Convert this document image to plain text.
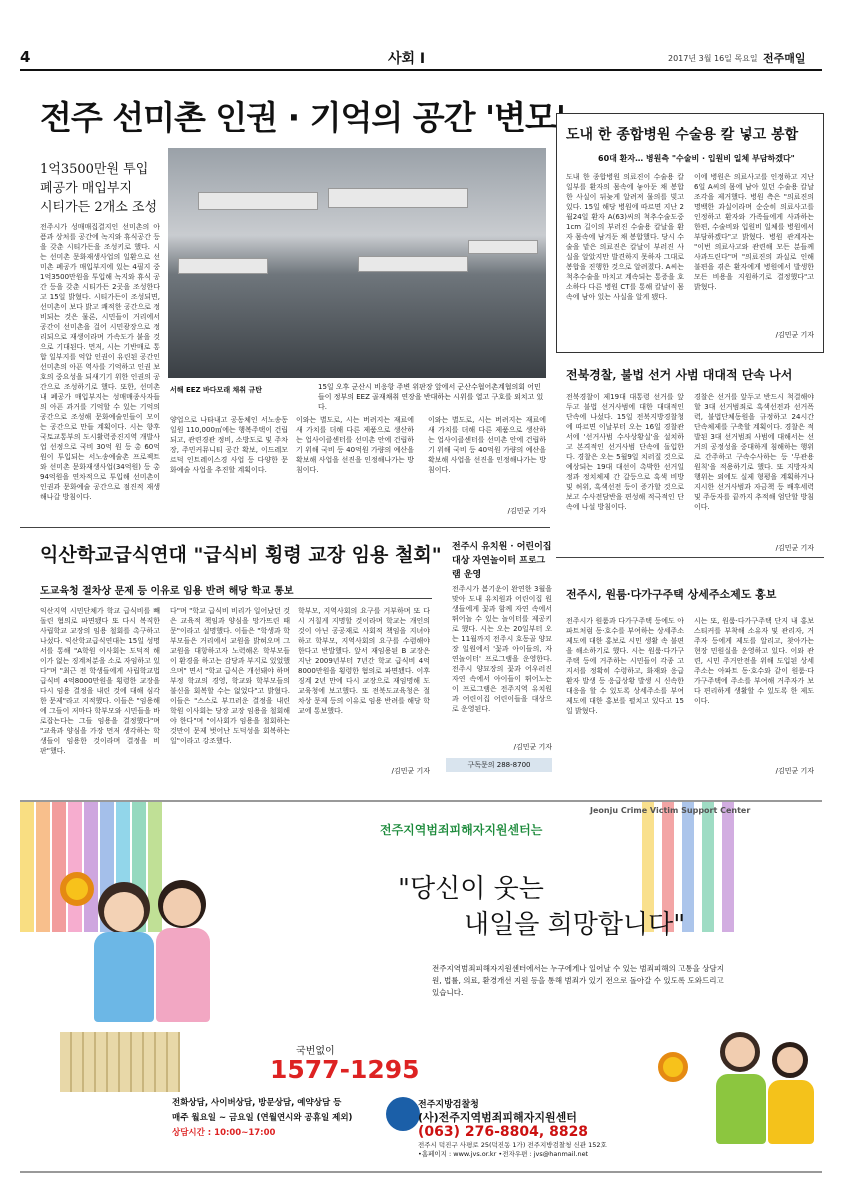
4	사회 I	2017년 3월 16일 목요일 전주매일
전주 선미촌 인권 · 기억의 공간 '변모'
1억3500만원 투입
폐공가 매입부지
시티가든 2개소 조성
전주시가 성매매집결지인 선미촌의 아픔과 상처를 공간에 녹지와 휴식공간 등을 갖춘 시티가든을 조성키로 했다. 시는 선미촌 문화재생사업의 일환으로 선미촌 폐공가 매입부지에 있는 4필지 중 1억3500만원을 투입해 녹지와 휴식 공간 등을 갖춘 시티가든 2곳을 조성한다고 15일 밝혔다. 시티가든이 조성되면, 선미촌이 보다 밝고 쾌적한 공간으로 정비되는 것은 물론, 시민들이 거리에서 공간이 선미촌을 걸어 시민광장으로 정리되으로 재생이라며 가속도가 붙을 것으로 기대된다. 먼저, 시는 기반매로 통합 일부지를 억압 인권이 유린된 공간인 선미촌의 아픈 역사를 기억하고 인권 보호의 중요성을 되새기기 위한 인권의 공간으로 조성하기로 했다. 또한, 선미촌 내 폐공가 매입부지는 성매매종사자들의 아픈 과거를 기억할 수 있는 기억의 공간으로 조성해 문화예술인들이 모이는 공간으로 만들 계획이다. 시는 향후 국토교통부의 도시활력증진지역 개발사업 선정으로 국비 30억 원 등 총 60억원이 투입되는 서노송예술촌 프로젝트와 선미촌 문화재생사업(34억원) 등 총 94억원을 연차적으로 투입해 선미촌이 인권과 문화예술 공간으로 점진적 재생해나갈 방침이다.
서해 EEZ 바다모래 채취 규탄	15일 오후 군산시 비응항 주변 위판장 앞에서 군산수협어촌계협의회 어민들이 정부의 EEZ 골재채취 연장을 반대하는 시위를 열고 구호를 외치고 있다.
양업으로 나타내고 공동체인 서노송동 일원 110,000㎡에는 행복주택이 건립되고, 관련경관 정비, 소방도로 및 주차장, 주민커뮤니티 공간 확보, 이드레모르덕 인트레이스경 사업 등 다양한 문화예술 사업을 추진할 계획이다.
이와는 별도로, 시는 버려지는 재료에 새 가치를 더해 다른 제품으로 생산하는 업사이클센터를 선미촌 안에 건립하기 위해 국비 등 40억원 가량의 예산을 확보해 사업을 선진을 인정해나가는 방침이다.
이와는 별도로, 시는 버려지는 재료에 새 가치를 더해 다른 제품으로 생산하는 업사이클센터를 선미촌 안에 건립하기 위해 국비 등 40억원 가량의 예산을 확보해 사업을 선진을 인정해나가는 방침이다.
/김민균 기자
도내 한 종합병원 수술용 칼 넣고 봉합
60대 환자… 병원측 "수술비 · 입원비 일체 부담하겠다"
도내 한 종합병원 의료진이 수술용 칼 일부를 환자의 몸속에 놓아둔 채 봉합한 사실이 뒤늦게 알려져 물의를 빚고 있다. 15일 해당 병원에 따르면 지난 2월24일 환자 A(63)씨의 척추수술도중 1cm 길이의 부러진 수술용 칼날을 환자 몸속에 남겨둔 채 봉합했다. 당시 수술을 맡은 의료진은 칼날이 부러진 사실을 알았지만 발견하지 못하자 그대로 봉합을 진행한 것으로 알려졌다. A씨는 척추수술을 마치고 계속되는 통증을 호소하다 다른 병원 CT를 통해 칼날이 몸속에 남아 있는 사실을 알게 됐다.
이에 병원은 의료사고를 인정하고 지난 6일 A씨의 몸에 남아 있던 수술용 칼날 조각을 제거했다. 병원 측은 "의료진의 명백한 과실이라며 순순히 의료사고를 인정하고 환자와 가족들에게 사과하는 한편, 수술비와 입원비 일체를 병원에서 부담하겠다"고 밝혔다. 병원 관계자는 "이번 의료사고와 관련해 모든 분들께 사과드린다"며 "의료진의 과실로 인해 불편을 겪은 환자에게 병원에서 발생한 모든 비용을 지원하기로 결정했다"고 밝혔다.
/김민균 기자
전북경찰, 불법 선거 사범 대대적 단속 나서
전북경찰이 제19대 대통령 선거를 앞두고 불법 선거사범에 대한 대대적인 단속에 나섰다. 15일 전북지방경찰청에 따르면 이날부터 오는 16일 경찰관서에 '선거사범 수사상황실'을 설치하고 본격적인 선거사범 단속에 돌입한다. 경찰은 오는 5월9일 치러질 것으로 예상되는 19대 대선이 촉박한 선거일정과 정치체제 간 갈등으로 흑색 비방 및 허위, 흑색선전 등이 증가할 것으로 보고 수사전담반을 편성해 적극적인 단속에 나설 방침이다.
경찰은 선거를 앞두고 반드시 척결해야 할 3대 선거범죄로 흑색선전과 선거폭력, 불법단체동원을 규정하고 24시간 단속체제를 구축할 계획이다. 경찰은 적발된 3대 선거범죄 사범에 대해서는 선거의 공정성을 중대하게 침해하는 행위로 간주하고 구속수사하는 등 '무관용 원칙'을 적용하기로 했다. 또 지방자치 행위는 외에도 실제 형평을 계획하거나 지시한 선거사범과 자금책 등 배후세력 및 주동자를 끝까지 추적해 엄단할 방침이다.
/김민균 기자
익산학교급식연대 "급식비 횡령 교장 임용 철회"
도교육청 절차상 문제 등 이유로 임용 반려 해당 학교 통보
익산지역 시민단체가 학교 급식비를 빼돌린 혐의로 파면됐다 또 다시 복직한 사립학교 교장의 임용 철회를 촉구하고 나섰다. 익산학교급식연대는 15일 성명서를 통해 "A학원 이사회는 도덕적 해이가 없는 징계처분을 소로 자임하고 있다"며 "최근 전 학생들에게 사립학교법 급식비 4억8000만원을 횡령한 교장을 다시 임용 결정을 내린 것에 대해 심각한 문제"라고 지적했다. 이들은 "임용해에 그들이 저마다 학부모와 시민들을 바로잡는다는 그들 임용을 결정했다"며 "교육과 양심을 가장 먼저 생각하는 학생들이 임용한 것이라며 결정을 비판"했다.
다"며 "학교 급식비 비리가 일어났던 것은 교육적 책임과 양심을 망가뜨린 때문"이라고 설명했다. 이들은 "학생과 학부모들은 거리에서 교원을 밝혀오며 그 교원을 대항하고자 노력해온 학부모들이 환경을 하고는 감당과 부지로 있었했으며" 면서 "학교 급식은 개선돼야 하며 부정 학교의 경영, 학교와 학부모들의 불신을 회복할 수는 없었다"고 밝혔다. 이들은 "스스로 부끄러운 결정을 내린 학원 이사회는 당장 교장 임용을 철회해야 한다"며 "이사회가 임용을 철회하는 것만이 문제 벗어난 도덕성을 회복하는 일"이라고 강조했다.
학부모, 지역사회의 요구를 거부하며 또 다시 거칠게 지명할 것이라며 학교는 개인의 것이 아닌 공공재로 사회적 책임을 지녀야 하고 학부모, 지역사회의 요구를 수렴해야 한다고 반발했다. 앞서 재임용된 B 교장은 지난 2009년부터 7년간 학교 급식비 4억8000만원을 횡령한 혐의로 파면됐다. 이후 징계 2년 만에 다시 교장으로 재임명해 도교육청에 보고했다. 또 전북도교육청은 절차상 문제 등의 이유로 임용 반려를 해당 학교에 통보했다.
/김민균 기자
전주시 유치원 · 어린이집 대상 자연놀이터 프로그램 운영
전주시가 봄기운이 완연한 3월을 맞아 도내 유치원과 어린이집 원생들에게 꽃과 함께 자연 속에서 뛰어놀 수 있는 놀이터를 제공키로 했다. 시는 오는 20일부터 오는 11월까지 전주시 호동골 양묘장 일원에서 '꽃과 아이들의, 자연놀이터' 프로그램을 운영한다. 전주시 양묘장의 꽃과 어우러진 자연 속에서 아이들이 뛰어노는 이 프로그램은 전주지역 유치원과 어린이집 어린이들을 대상으로 운영된다.
/김민균 기자
구독문의 288-8700
전주시, 원룸·다가구주택 상세주소제도 홍보
전주시가 원룸과 다가구주택 등에도 아파트처럼 동·호수를 부여하는 상세주소제도에 대한 홍보로 시민 생활 속 불편을 해소하기로 했다. 시는 원룸·다가구주택 등에 거주하는 시민들이 각종 고지서를 정확히 수령하고, 화재와 응급환자 발생 등 응급상황 발생 시 신속한 대응을 할 수 있도록 상세주소를 부여 제도에 대한 홍보를 펼치고 있다고 15일 밝혔다.
시는 또, 원룸·다가구주택 단지 내 홍보스티커를 부착해 소유자 및 관리자, 거주자 등에게 제도를 알리고, 찾아가는 현장 민원실을 운영하고 있다. 이와 관련, 시민 주거안전을 위해 도입된 상세주소는 아파트 동·호수와 같이 원룸·다가구주택에 주소를 부여해 거주자가 보다 편리하게 생활할 수 있도록 한 제도이다.
/김민균 기자
Jeonju Crime Victim Support Center
전주지역범죄피해자지원센터는
"당신이 웃는
내일을 희망합니다"
전주지역범죄피해자지원센터에서는 누구에게나 일어날 수 있는 범죄피해의 고통을 상담지원, 법률, 의료, 환경개선 지원 등을 통해 범죄가 있기 전으로 돌아갈 수 있도록 도와드리고 있습니다.
국번없이
1577-1295
전화상담, 사이버상담, 방문상담, 예약상담 등
매주 월요일 ~ 금요일 (연월연시와 공휴일 제외)
상담시간 : 10:00~17:00
전주지방검찰청
(사)전주지역범죄피해자지원센터
(063) 276-8804, 8828
전주시 덕진구 사평로 25(덕진동 1가) 전주지방검찰청 신관 152호
•홈페이지 : www.jvs.or.kr •전자우편 : jvs@hanmail.net
